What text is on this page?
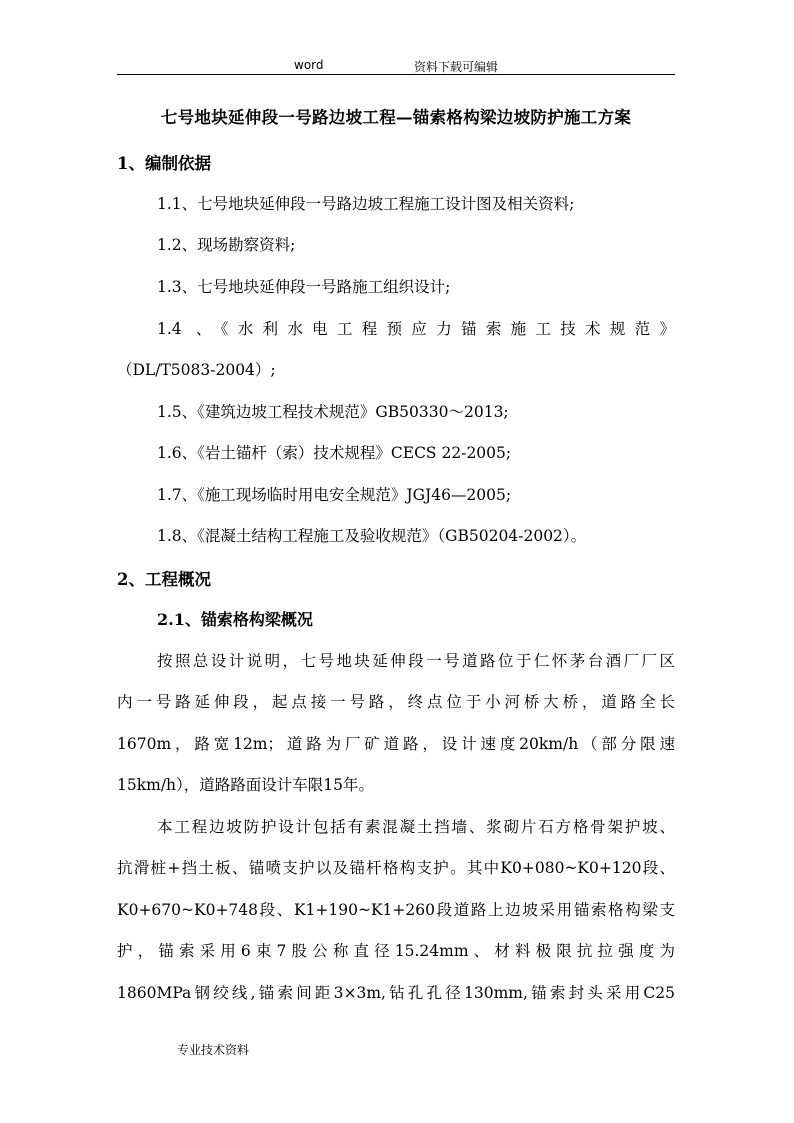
word	资料下载可编辑
七号地块延伸段一号路边坡工程—锚索格构梁边坡防护施工方案
1、编制依据
1.1、七号地块延伸段一号路边坡工程施工设计图及相关资料;
1.2、现场勘察资料;
1.3、七号地块延伸段一号路施工组织设计;
1.4 、《水利水电工程预应力锚索施工技术规范》
（DL/T5083-2004）;
1.5、《建筑边坡工程技术规范》GB50330～2013;
1.6、《岩土锚杆（索）技术规程》CECS 22-2005;
1.7、《施工现场临时用电安全规范》JGJ46—2005;
1.8、《混凝土结构工程施工及验收规范》（GB50204-2002）。
2、工程概况
2.1、锚索格构梁概况
按照总设计说明，七号地块延伸段一号道路位于仁怀茅台酒厂厂区
内一号路延伸段，起点接一号路，终点位于小河桥大桥，道路全长
1670m，路宽12m；道路为厂矿道路，设计速度20km/h（部分限速
15km/h），道路路面设计车限15年。
本工程边坡防护设计包括有素混凝土挡墙、浆砌片石方格骨架护坡、
抗滑桩+挡土板、锚喷支护以及锚杆格构支护。其中K0+080~K0+120段、
K0+670~K0+748段、K1+190~K1+260段道路上边坡采用锚索格构梁支
护，锚索采用6束7股公称直径15.24mm、材料极限抗拉强度为
1860MPa钢绞线,锚索间距3×3m,钻孔孔径130mm,锚索封头采用C25
专业技术资料
